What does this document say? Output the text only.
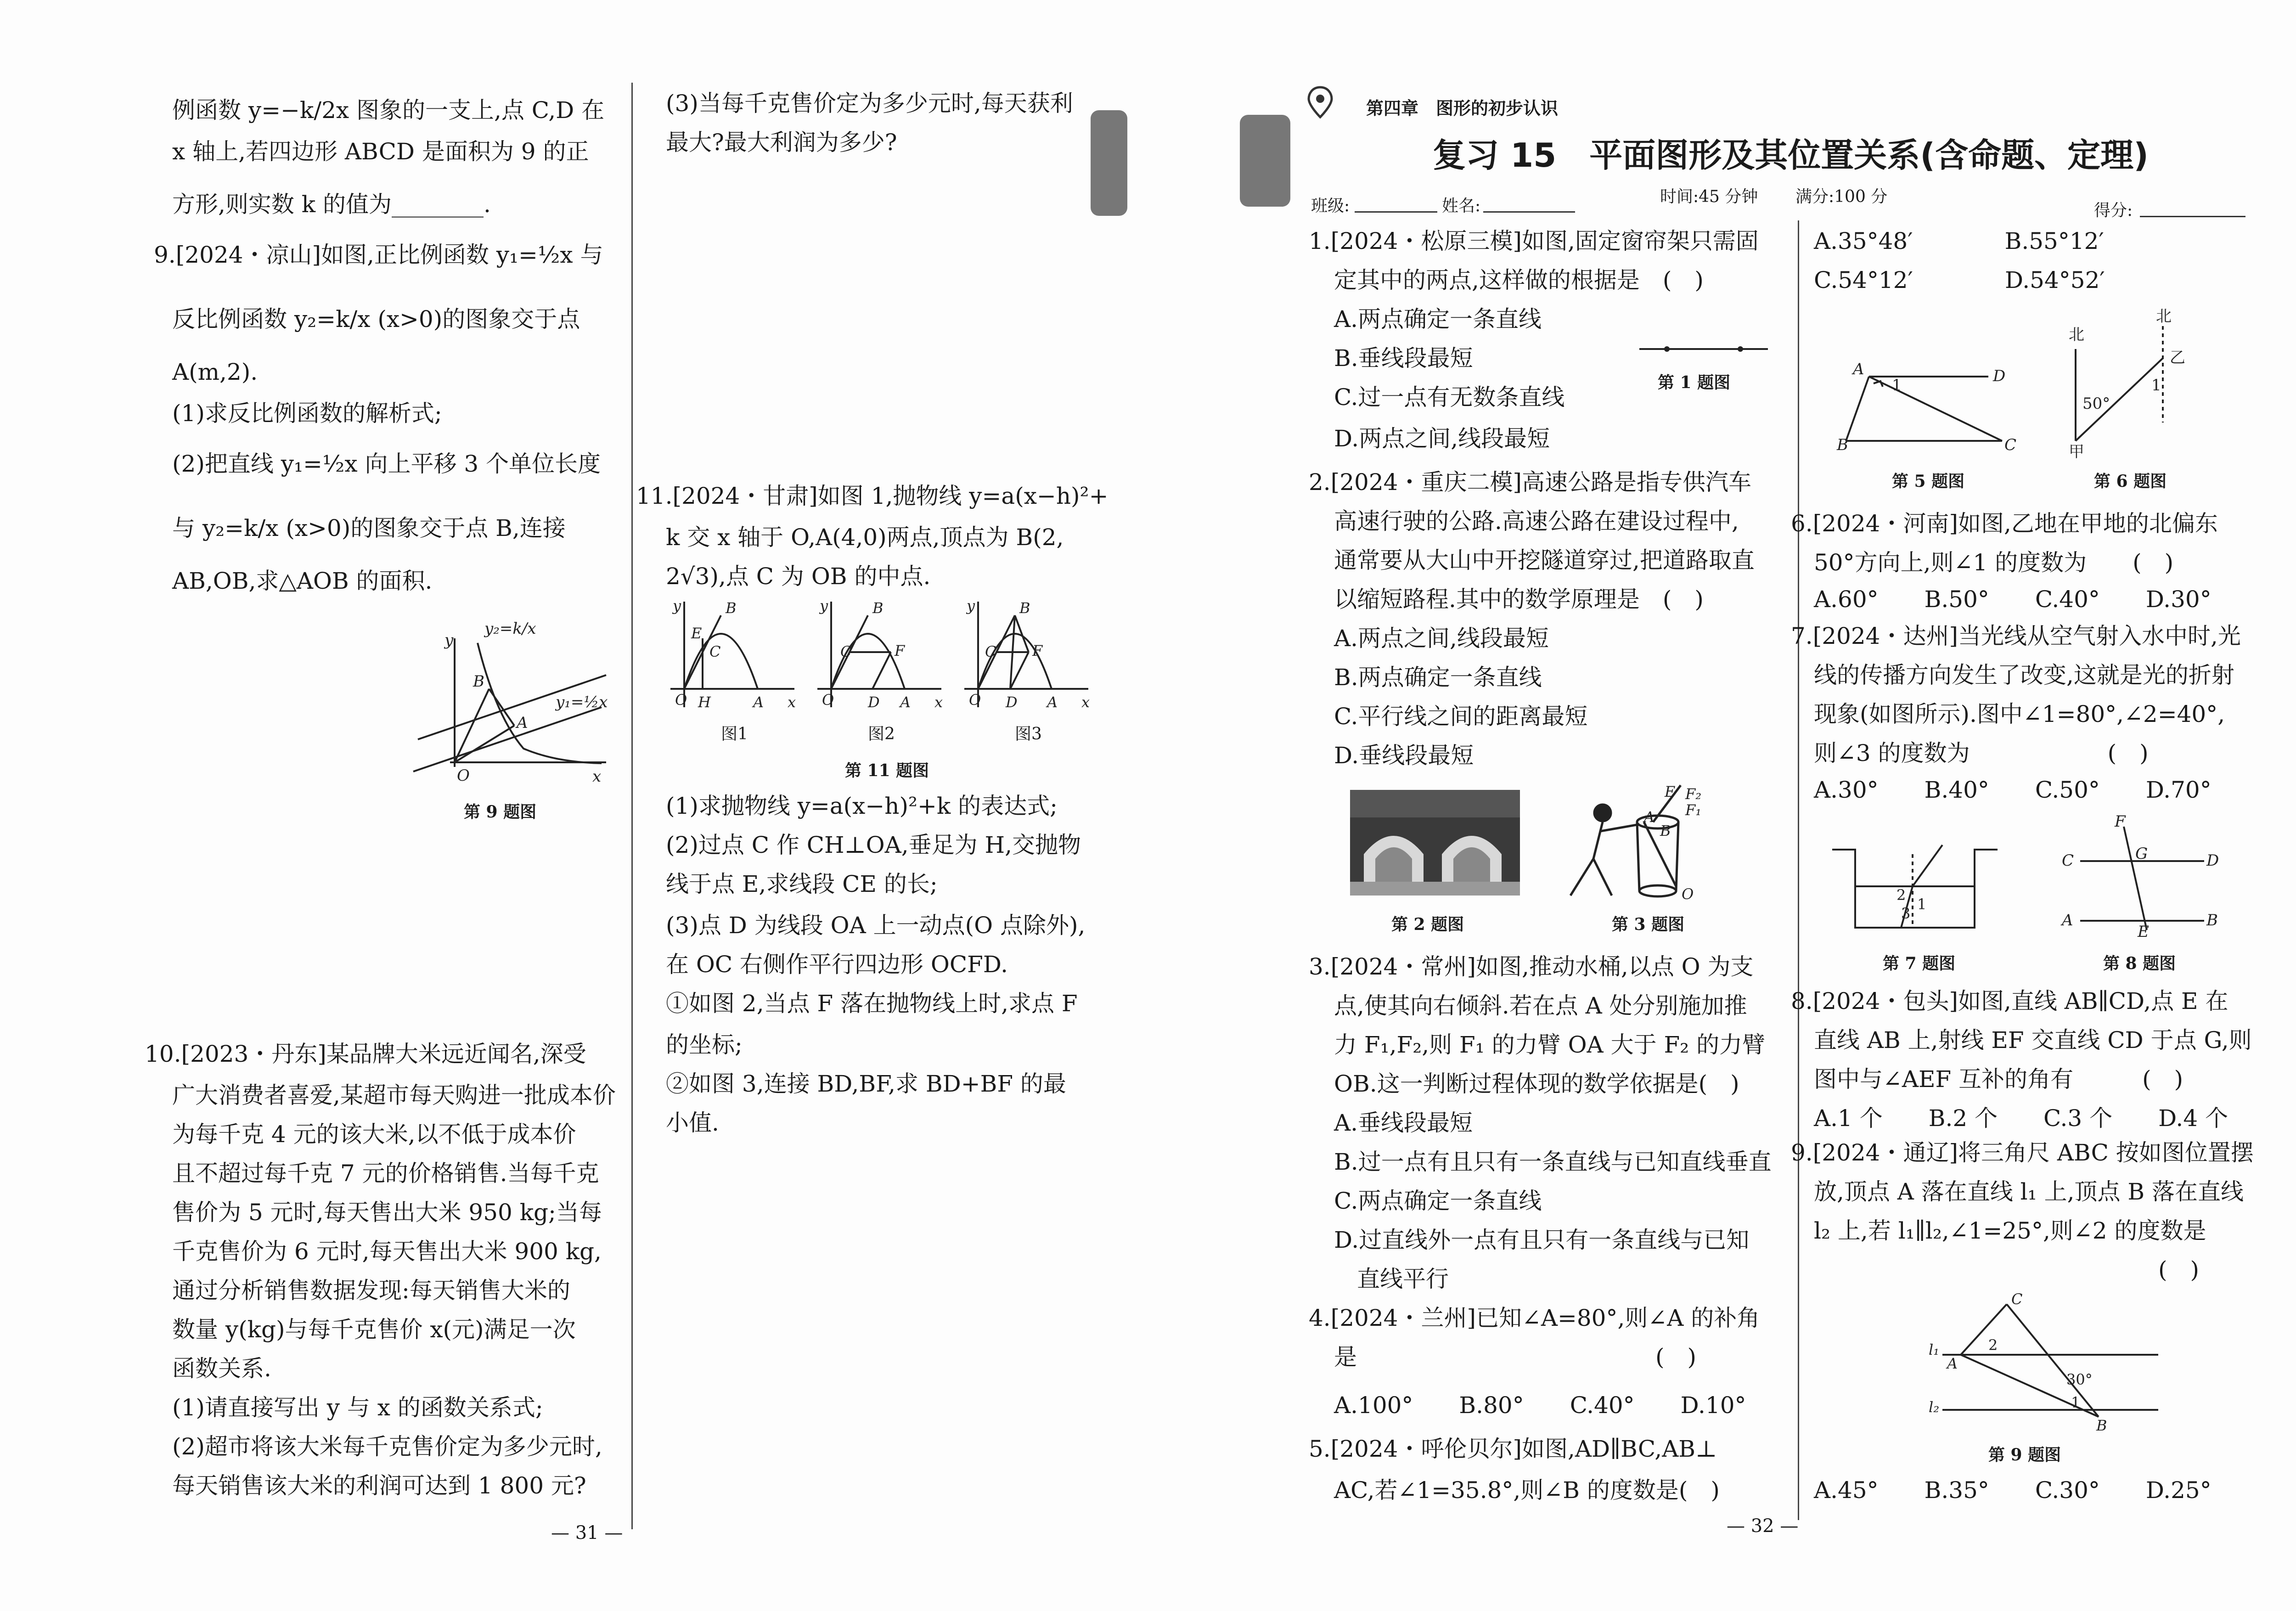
例函数 y=−k/2x 图象的一支上,点 C,D 在
x 轴上,若四边形 ABCD 是面积为 9 的正
方形,则实数 k 的值为________.
9.[2024・凉山]如图,正比例函数 y₁=½x 与
反比例函数 y₂=k/x (x>0)的图象交于点
A(m,2).
(1)求反比例函数的解析式;
(2)把直线 y₁=½x 向上平移 3 个单位长度
与 y₂=k/x (x>0)的图象交于点 B,连接
AB,OB,求△AOB 的面积.
y
O	x
B
A
y₂=k/x
y₁=½x
第 9 题图
10.[2023・丹东]某品牌大米远近闻名,深受
广大消费者喜爱,某超市每天购进一批成本价
为每千克 4 元的该大米,以不低于成本价
且不超过每千克 7 元的价格销售.当每千克
售价为 5 元时,每天售出大米 950 kg;当每
千克售价为 6 元时,每天售出大米 900 kg,
通过分析销售数据发现:每天销售大米的
数量 y(kg)与每千克售价 x(元)满足一次
函数关系.
(1)请直接写出 y 与 x 的函数关系式;
(2)超市将该大米每千克售价定为多少元时,
每天销售该大米的利润可达到 1 800 元?
(3)当每千克售价定为多少元时,每天获利
最大?最大利润为多少?
11.[2024・甘肃]如图 1,抛物线 y=a(x−h)²+
k 交 x 轴于 O,A(4,0)两点,顶点为 B(2,
2√3),点 C 为 OB 的中点.
O
B
E
C
H	A x
y
O
B
C	F
D A x
y
O
B
C F
D A x
y
图1	图2	图3
第 11 题图
(1)求抛物线 y=a(x−h)²+k 的表达式;
(2)过点 C 作 CH⊥OA,垂足为 H,交抛物
线于点 E,求线段 CE 的长;
(3)点 D 为线段 OA 上一动点(O 点除外),
在 OC 右侧作平行四边形 OCFD.
①如图 2,当点 F 落在抛物线上时,求点 F
的坐标;
②如图 3,连接 BD,BF,求 BD+BF 的最
小值.
— 31 —
第四章　图形的初步认识
复习 15　平面图形及其位置关系(含命题、定理)
班级:	姓名:	时间:45 分钟 满分:100 分
得分:
1.[2024・松原三模]如图,固定窗帘架只需固
定其中的两点,这样做的根据是　(　)
A.两点确定一条直线
B.垂线段最短
C.过一点有无数条直线
D.两点之间,线段最短
第 1 题图
2.[2024・重庆二模]高速公路是指专供汽车
高速行驶的公路.高速公路在建设过程中,
通常要从大山中开挖隧道穿过,把道路取直
以缩短路程.其中的数学原理是　(　)
A.两点之间,线段最短
B.两点确定一条直线
C.平行线之间的距离最短
D.垂线段最短
第 2 题图
E F₂
F₁
A
B
O
第 3 题图
3.[2024・常州]如图,推动水桶,以点 O 为支
点,使其向右倾斜.若在点 A 处分别施加推
力 F₁,F₂,则 F₁ 的力臂 OA 大于 F₂ 的力臂
OB.这一判断过程体现的数学依据是(　)
A.垂线段最短
B.过一点有且只有一条直线与已知直线垂直
C.两点确定一条直线
D.过直线外一点有且只有一条直线与已知
　直线平行
4.[2024・兰州]已知∠A=80°,则∠A 的补角
是　　　　　　　　　　　　　(　)
A.100°　　B.80°　　C.40°　　D.10°
5.[2024・呼伦贝尔]如图,AD∥BC,AB⊥
AC,若∠1=35.8°,则∠B 的度数是(　)
A.35°48′　　　　B.55°12′
C.54°12′　　　　D.54°52′
A	D
1
B	C
第 5 题图
北
北
乙
50°
1
甲
第 6 题图
6.[2024・河南]如图,乙地在甲地的北偏东
50°方向上,则∠1 的度数为　　(　)
A.60°　　B.50°　　C.40°　　D.30°
7.[2024・达州]当光线从空气射入水中时,光
线的传播方向发生了改变,这就是光的折射
现象(如图所示).图中∠1=80°,∠2=40°,
则∠3 的度数为　　　　　　(　)
A.30°　　B.40°　　C.50°　　D.70°
1
2
3
第 7 题图
F
C	G	D
A
E
B
第 8 题图
8.[2024・包头]如图,直线 AB∥CD,点 E 在
直线 AB 上,射线 EF 交直线 CD 于点 G,则
图中与∠AEF 互补的角有　　　(　)
A.1 个　　B.2 个　　C.3 个　　D.4 个
9.[2024・通辽]将三角尺 ABC 按如图位置摆
放,顶点 A 落在直线 l₁ 上,顶点 B 落在直线
l₂ 上,若 l₁∥l₂,∠1=25°,则∠2 的度数是
　　　　　　　　　　　　　　　(　)
C
l₁
A
2
30°
l₂	1
B
第 9 题图
A.45°　　B.35°　　C.30°　　D.25°
— 32 —
